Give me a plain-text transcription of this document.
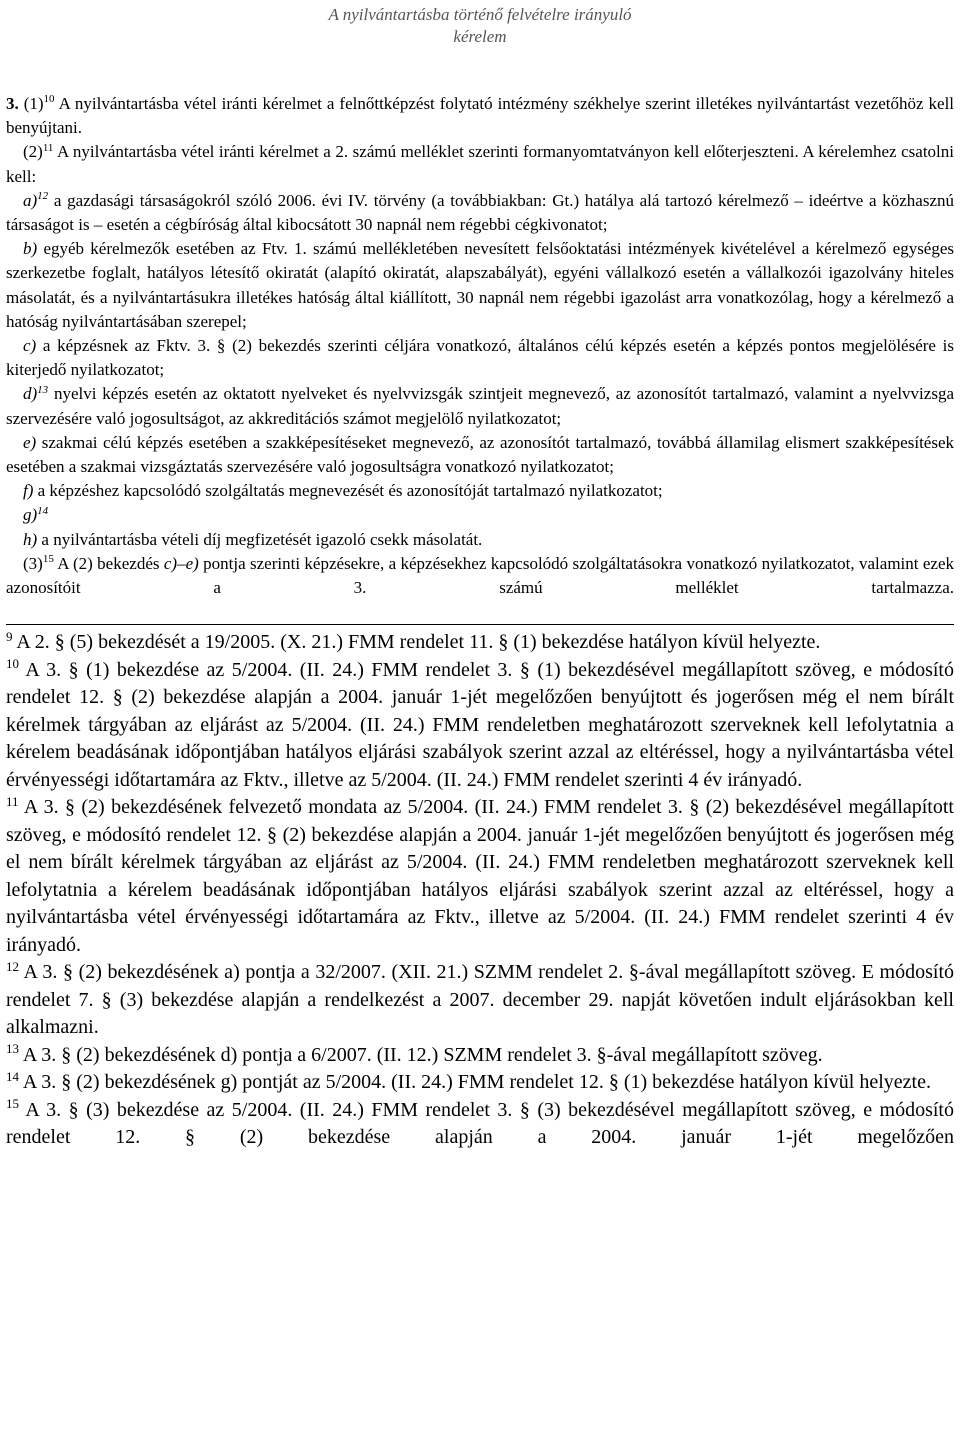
A nyilvántartásba történő felvételre irányuló
kérelem

3. $(1)^{10}$ A nyilvántartásba vétel iránti kérelmet a felnőttképzést folytató intézmény székhelye szerint illetékes nyilvántartást vezetőhöz kell benyújtani.

$(2)^{11}$ A nyilvántartásba vétel iránti kérelmet a 2. számú melléklet szerinti formanyomtatványon kell előterjeszteni. A kérelemhez csatolni kell:

a)$^{12}$ a gazdasági társaságokról szóló 2006. évi IV. törvény (a továbbiakban: Gt.) hatálya alá tartozó kérelmező – ideértve a közhasznú társaságot is – esetén a cégbíróság által kibocsátott 30 napnál nem régebbi cégkivonatot;

b) egyéb kérelmezők esetében az Ftv. 1. számú mellékletében nevesített felsőoktatási intézmények kivételével a kérelmező egységes szerkezetbe foglalt, hatályos létesítő okiratát (alapító okiratát, alapszabályát), egyéni vállalkozó esetén a vállalkozói igazolvány hiteles másolatát, és a nyilvántartásukra illetékes hatóság által kiállított, 30 napnál nem régebbi igazolást arra vonatkozólag, hogy a kérelmező a hatóság nyilvántartásában szerepel;

c) a képzésnek az Fktv. 3. § (2) bekezdés szerinti céljára vonatkozó, általános célú képzés esetén a képzés pontos megjelölésére is kiterjedő nyilatkozatot;

d)$^{13}$ nyelvi képzés esetén az oktatott nyelveket és nyelvvizsgák szintjeit megnevező, az azonosítót tartalmazó, valamint a nyelvvizsga szervezésére való jogosultságot, az akkreditációs számot megjelölő nyilatkozatot;

e) szakmai célú képzés esetében a szakképesítéseket megnevező, az azonosítót tartalmazó, továbbá államilag elismert szakképesítések esetében a szakmai vizsgáztatás szervezésére való jogosultságra vonatkozó nyilatkozatot;

f) a képzéshez kapcsolódó szolgáltatás megnevezését és azonosítóját tartalmazó nyilatkozatot;

g)$^{14}$

h) a nyilvántartásba vételi díj megfizetését igazoló csekk másolatát.

$(3)^{15}$ A (2) bekezdés c)–e) pontja szerinti képzésekre, a képzésekhez kapcsolódó szolgáltatásokra vonatkozó nyilatkozatot, valamint ezek azonosítóit a 3. számú melléklet tartalmazza.

$^9$ A 2. § (5) bekezdését a 19/2005. (X. 21.) FMM rendelet 11. § (1) bekezdése hatályon kívül helyezte.

$^{10}$ A 3. § (1) bekezdése az 5/2004. (II. 24.) FMM rendelet 3. § (1) bekezdésével megállapított szöveg, e módosító rendelet 12. § (2) bekezdése alapján a 2004. január 1-jét megelőzően benyújtott és jogerősen még el nem bírált kérelmek tárgyában az eljárást az 5/2004. (II. 24.) FMM rendeletben meghatározott szerveknek kell lefolytatnia a kérelem beadásának időpontjában hatályos eljárási szabályok szerint azzal az eltéréssel, hogy a nyilvántartásba vétel érvényességi időtartamára az Fktv., illetve az 5/2004. (II. 24.) FMM rendelet szerinti 4 év irányadó.

$^{11}$ A 3. § (2) bekezdésének felvezető mondata az 5/2004. (II. 24.) FMM rendelet 3. § (2) bekezdésével megállapított szöveg, e módosító rendelet 12. § (2) bekezdése alapján a 2004. január 1-jét megelőzően benyújtott és jogerősen még el nem bírált kérelmek tárgyában az eljárást az 5/2004. (II. 24.) FMM rendeletben meghatározott szerveknek kell lefolytatnia a kérelem beadásának időpontjában hatályos eljárási szabályok szerint azzal az eltéréssel, hogy a nyilvántartásba vétel érvényességi időtartamára az Fktv., illetve az 5/2004. (II. 24.) FMM rendelet szerinti 4 év irányadó.

$^{12}$ A 3. § (2) bekezdésének a) pontja a 32/2007. (XII. 21.) SZMM rendelet 2. §-ával megállapított szöveg. E módosító rendelet 7. § (3) bekezdése alapján a rendelkezést a 2007. december 29. napját követően indult eljárásokban kell alkalmazni.

$^{13}$ A 3. § (2) bekezdésének d) pontja a 6/2007. (II. 12.) SZMM rendelet 3. §-ával megállapított szöveg.

$^{14}$ A 3. § (2) bekezdésének g) pontját az 5/2004. (II. 24.) FMM rendelet 12. § (1) bekezdése hatályon kívül helyezte.

$^{15}$ A 3. § (3) bekezdése az 5/2004. (II. 24.) FMM rendelet 3. § (3) bekezdésével megállapított szöveg, e módosító rendelet 12. § (2) bekezdése alapján a 2004. január 1-jét megelőzően
